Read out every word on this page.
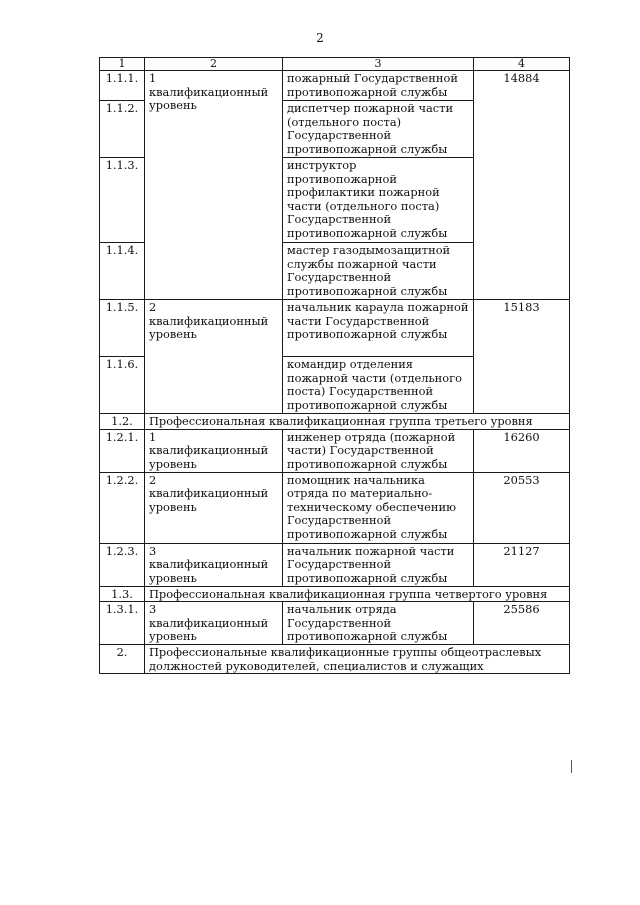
2
1	2	3	4
1.1.1.	1 квалификационный уровень	пожарный Государственной противопожарной службы	14884
1.1.2.		диспетчер пожарной части (отдельного поста) Государственной противопожарной службы	
1.1.3.		инструктор противопожарной профилактики пожарной части (отдельного поста) Государственной противопожарной службы	
1.1.4.		мастер газодымозащитной службы пожарной части Государственной противопожарной службы	
1.1.5.	2 квалификационный уровень	начальник караула пожарной части Государственной противопожарной службы	15183
1.1.6.		командир отделения пожарной части (отдельного поста) Государственной противопожарной службы	
1.2.	Профессиональная квалификационная группа третьего уровня		
1.2.1.	1 квалификационный уровень	инженер отряда (пожарной части) Государственной противопожарной службы	16260
1.2.2.	2 квалификационный уровень	помощник начальника отряда по материально-техническому обеспечению Государственной противопожарной службы	20553
1.2.3.	3 квалификационный уровень	начальник пожарной части Государственной противопожарной службы	21127
1.3.	Профессиональная квалификационная группа четвертого уровня		
1.3.1.	3 квалификационный уровень	начальник отряда Государственной противопожарной службы	25586
2.	Профессиональные квалификационные группы общеотраслевых должностей руководителей, специалистов и служащих		
